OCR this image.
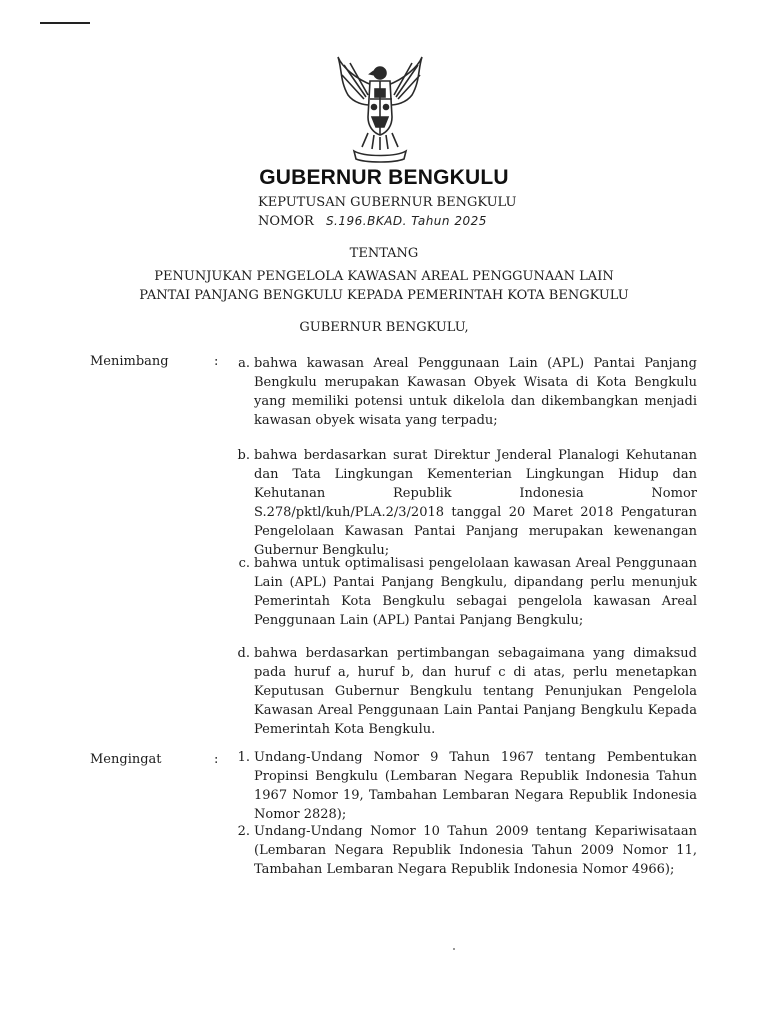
GUBERNUR BENGKULU
KEPUTUSAN GUBERNUR BENGKULU
NOMOR S.196.BKAD. Tahun 2025
TENTANG
PENUNJUKAN PENGELOLA KAWASAN AREAL PENGGUNAAN LAIN
PANTAI PANJANG BENGKULU KEPADA PEMERINTAH KOTA BENGKULU
GUBERNUR BENGKULU,
Menimbang	:	a. bahwa kawasan Areal Penggunaan Lain (APL) Pantai Panjang Bengkulu merupakan Kawasan Obyek Wisata di Kota Bengkulu yang memiliki potensi untuk dikelola dan dikembangkan menjadi kawasan obyek wisata yang terpadu;
b. bahwa berdasarkan surat Direktur Jenderal Planalogi Kehutanan dan Tata Lingkungan Kementerian Lingkungan Hidup dan Kehutanan Republik Indonesia Nomor S.278/pktl/kuh/PLA.2/3/2018 tanggal 20 Maret 2018 Pengaturan Pengelolaan Kawasan Pantai Panjang merupakan kewenangan Gubernur Bengkulu;
c. bahwa untuk optimalisasi pengelolaan kawasan Areal Penggunaan Lain (APL) Pantai Panjang Bengkulu, dipandang perlu menunjuk Pemerintah Kota Bengkulu sebagai pengelola kawasan Areal Penggunaan Lain (APL) Pantai Panjang Bengkulu;
d. bahwa berdasarkan pertimbangan sebagaimana yang dimaksud pada huruf a, huruf b, dan huruf c di atas, perlu menetapkan Keputusan Gubernur Bengkulu tentang Penunjukan Pengelola Kawasan Areal Penggunaan Lain Pantai Panjang Bengkulu Kepada Pemerintah Kota Bengkulu.
Mengingat	:	1. Undang-Undang Nomor 9 Tahun 1967 tentang Pembentukan Propinsi Bengkulu (Lembaran Negara Republik Indonesia Tahun 1967 Nomor 19, Tambahan Lembaran Negara Republik Indonesia Nomor 2828);
2. Undang-Undang Nomor 10 Tahun 2009 tentang Kepariwisataan (Lembaran Negara Republik Indonesia Tahun 2009 Nomor 11, Tambahan Lembaran Negara Republik Indonesia Nomor 4966);
